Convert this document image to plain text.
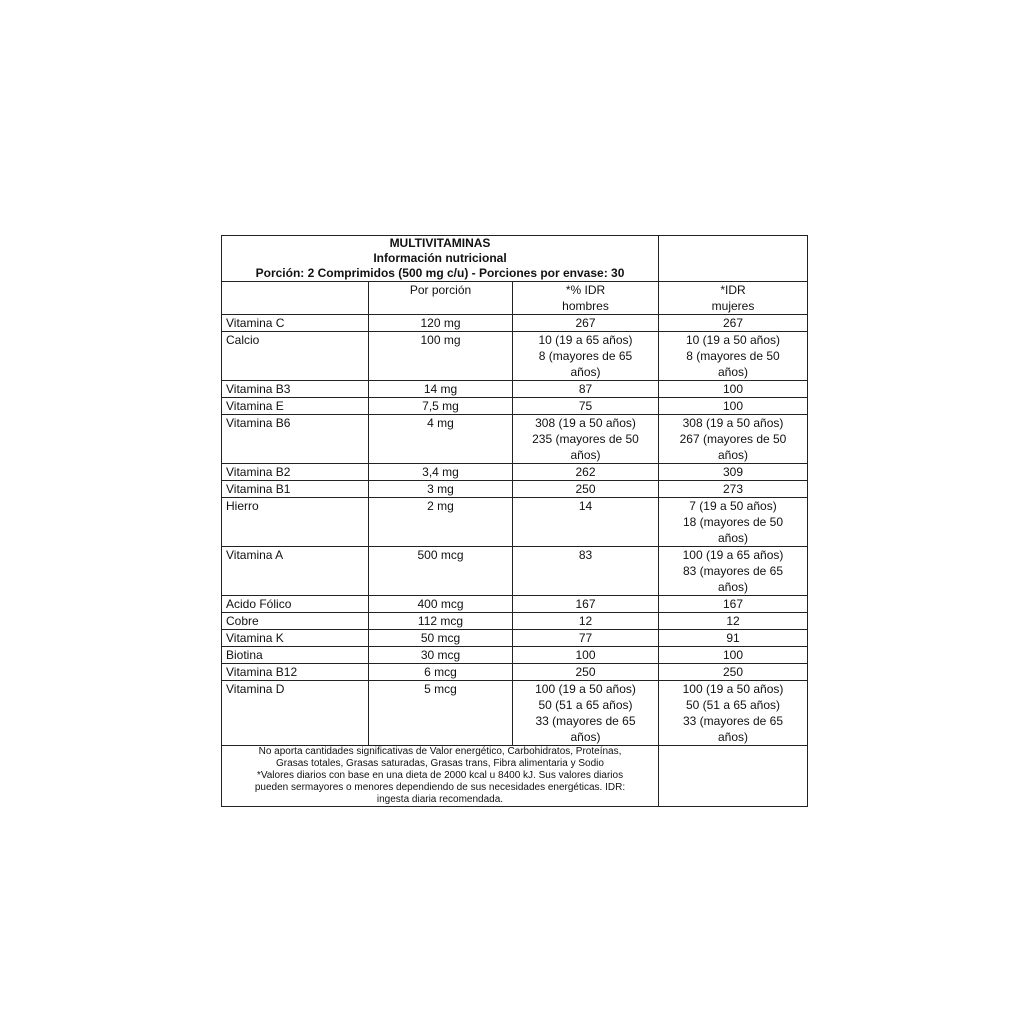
MULTIVITAMINAS
Información nutricional
Porción: 2 Comprimidos (500 mg c/u) - Porciones por envase: 30			

	Por porción	*% IDR
hombres	*IDR
mujeres

Vitamina C	120 mg	267	267

Calcio	100 mg	10 (19 a 65 años)
8 (mayores de 65
años)	10 (19 a 50 años)
8 (mayores de 50
años)

Vitamina B3	14 mg	87	100

Vitamina E	7,5 mg	75	100

Vitamina B6	4 mg	308 (19 a 50 años)
235 (mayores de 50
años)	308 (19 a 50 años)
267 (mayores de 50
años)

Vitamina B2	3,4 mg	262	309

Vitamina B1	3 mg	250	273

Hierro	2 mg	14	7 (19 a 50 años)
18 (mayores de 50
años)

Vitamina A	500 mcg	83	100 (19 a 65 años)
83 (mayores de 65
años)

Acido Fólico	400 mcg	167	167

Cobre	112 mcg	12	12

Vitamina K	50 mcg	77	91

Biotina	30 mcg	100	100

Vitamina B12	6 mcg	250	250

Vitamina D	5 mcg	100 (19 a 50 años)
50 (51 a 65 años)
33 (mayores de 65
años)	100 (19 a 50 años)
50 (51 a 65 años)
33 (mayores de 65
años)

No aporta cantidades significativas de Valor energético, Carbohidratos, Proteínas,
Grasas totales, Grasas saturadas, Grasas trans, Fibra alimentaria y Sodio
*Valores diarios con base en una dieta de 2000 kcal u 8400 kJ. Sus valores diarios
pueden sermayores o menores dependiendo de sus necesidades energéticas. IDR:
ingesta diaria recomendada.			
